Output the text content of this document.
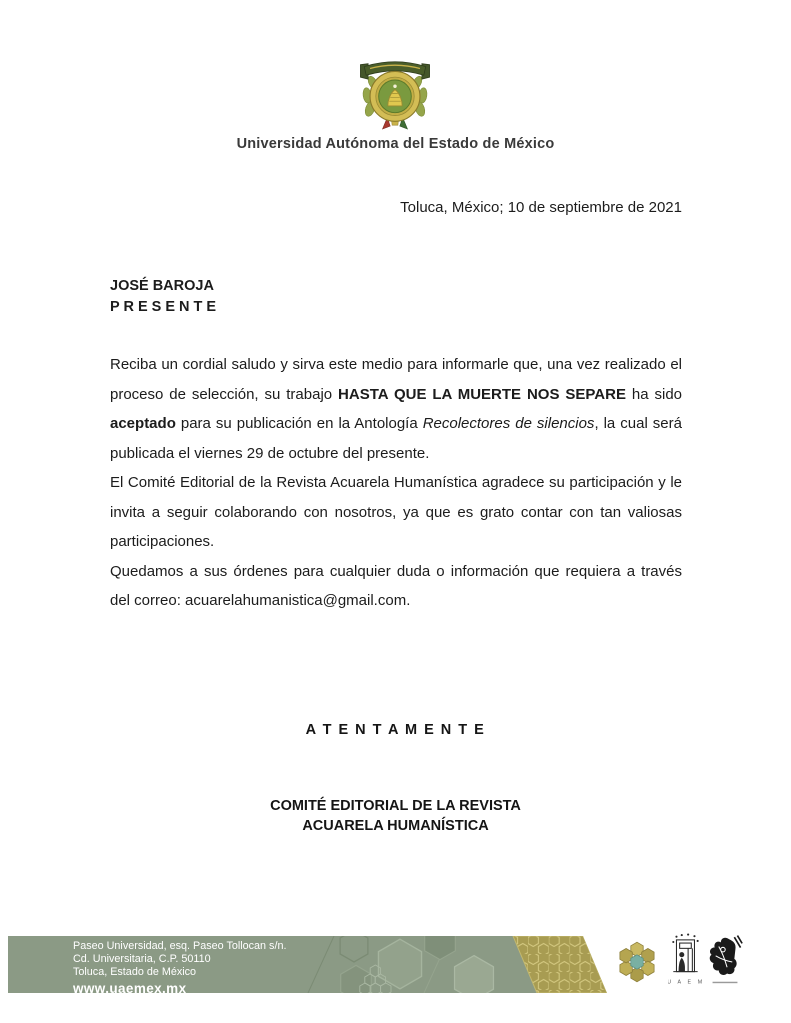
Universidad Autónoma del Estado de México
Toluca, México; 10 de septiembre de 2021
JOSÉ BAROJA
P R E S E N T E

Reciba un cordial saludo y sirva este medio para informarle que, una vez realizado el proceso de selección, su trabajo HASTA QUE LA MUERTE NOS SEPARE ha sido aceptado para su publicación en la Antología Recolectores de silencios, la cual será publicada el viernes 29 de octubre del presente.

El Comité Editorial de la Revista Acuarela Humanística agradece su participación y le invita a seguir colaborando con nosotros, ya que es grato contar con tan valiosas participaciones.

Quedamos a sus órdenes para cualquier duda o información que requiera a través del correo: acuarelahumanistica@gmail.com.

A T E N T A M E N T E
COMITÉ EDITORIAL DE LA REVISTA
ACUARELA HUMANÍSTICA
Paseo Universidad, esq. Paseo Tollocan s/n.
Cd. Universitaria, C.P. 50110
Toluca, Estado de México
www.uaemex.mx	U A E M
